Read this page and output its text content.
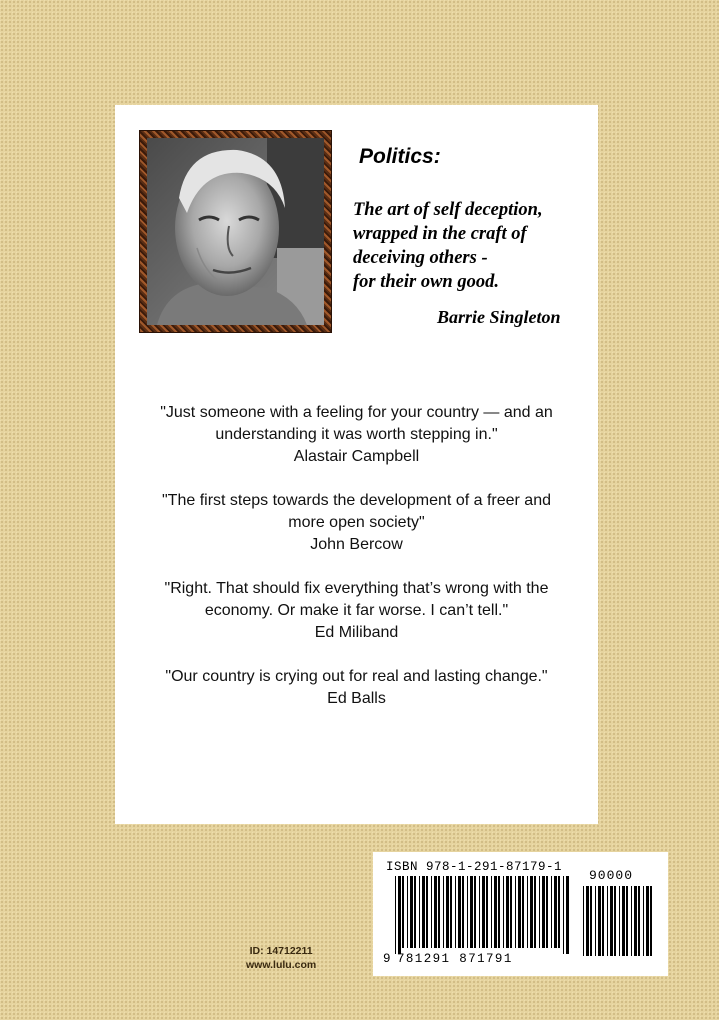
Politics:
The art of self deception,
wrapped in the craft of
deceiving others -
for their own good.
Barrie Singleton
"Just someone with a feeling for your country — and an
understanding it was worth stepping in."
Alastair Campbell
"The first steps towards the development of a freer and
more open society"
John Bercow
"Right. That should fix everything that’s wrong with the
economy. Or make it far worse. I can’t tell."
Ed Miliband
"Our country is crying out for real and lasting change."
Ed Balls
ID: 14712211
www.lulu.com
ISBN 978-1-291-87179-1
90000
9 781291 871791
